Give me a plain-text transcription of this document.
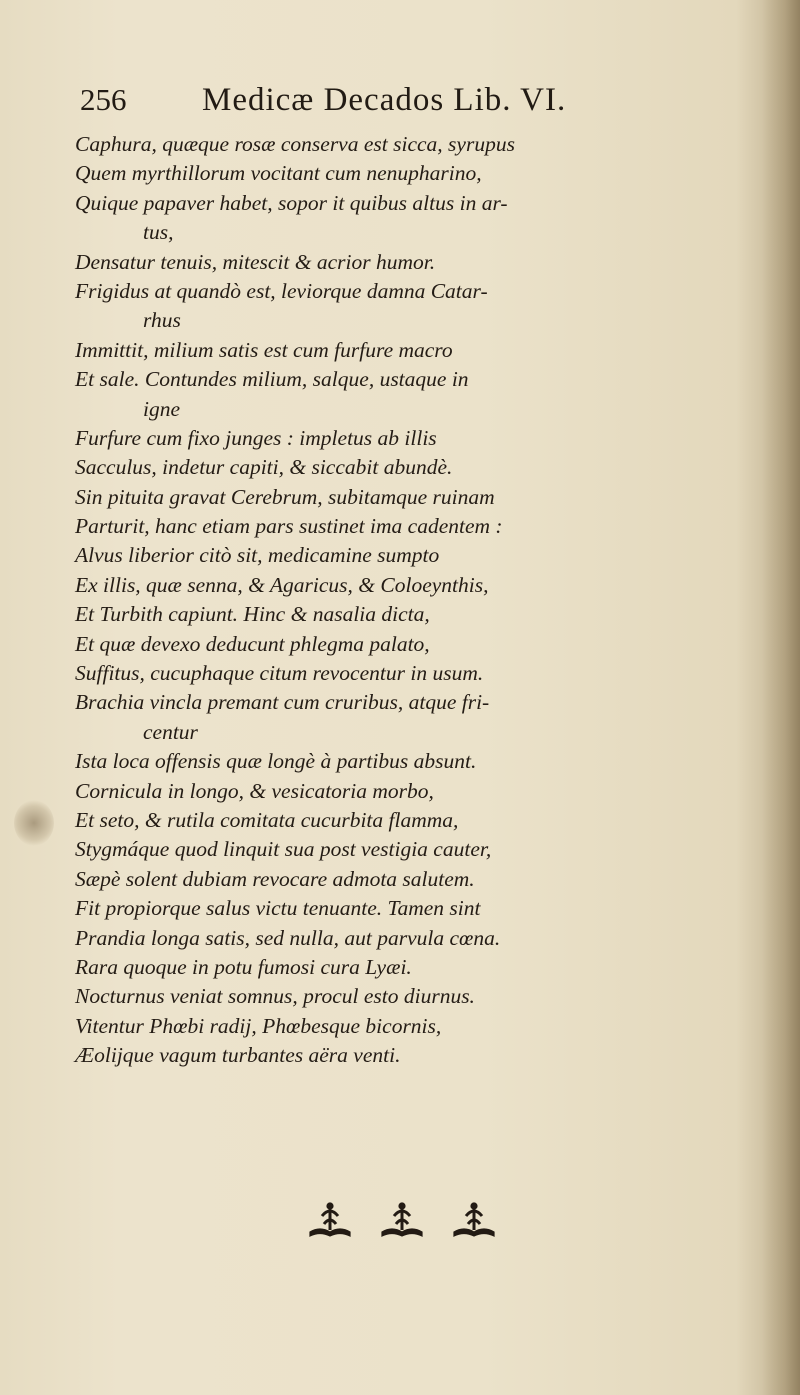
256 Medicæ Decados Lib. VI.
Caphura, quæque rosæ conserva est sicca, syrupus
Quem myrthillorum vocitant cum nenupharino,
Quique papaver habet, sopor it quibus altus in ar-
tus,
Densatur tenuis, mitescit & acrior humor.
Frigidus at quandò est, leviorque damna Catar-
rhus
Immittit, milium satis est cum furfure macro
Et sale. Contundes milium, salque, ustaque in
igne
Furfure cum fixo junges : impletus ab illis
Sacculus, indetur capiti, & siccabit abundè.
Sin pituita gravat Cerebrum, subitamque ruinam
Parturit, hanc etiam pars sustinet ima cadentem :
Alvus liberior citò sit, medicamine sumpto
Ex illis, quæ senna, & Agaricus, & Coloeynthis,
Et Turbith capiunt. Hinc & nasalia dicta,
Et quæ devexo deducunt phlegma palato,
Suffitus, cucuphaque citum revocentur in usum.
Brachia vincla premant cum cruribus, atque fri-
centur
Ista loca offensis quæ longè à partibus absunt.
Cornicula in longo, & vesicatoria morbo,
Et seto, & rutila comitata cucurbita flamma,
Stygmáque quod linquit sua post vestigia cauter,
Sæpè solent dubiam revocare admota salutem.
Fit propiorque salus victu tenuante. Tamen sint
Prandia longa satis, sed nulla, aut parvula cœna.
Rara quoque in potu fumosi cura Lyæi.
Nocturnus veniat somnus, procul esto diurnus.
Vitentur Phœbi radij, Phœbesque bicornis,
Æolijque vagum turbantes aëra venti.
